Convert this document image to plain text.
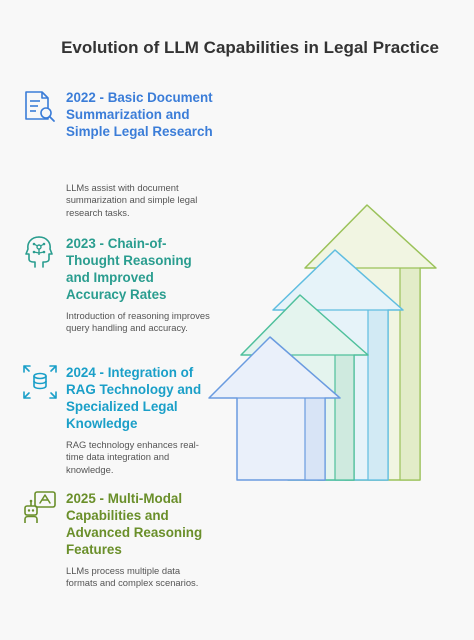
Evolution of LLM Capabilities in Legal Practice
2022 - Basic Document Summarization and Simple Legal Research

LLMs assist with document summarization and simple legal research tasks.

2023 - Chain-of-Thought Reasoning and Improved Accuracy Rates

Introduction of reasoning improves query handling and accuracy.

2024 - Integration of RAG Technology and Specialized Legal Knowledge

RAG technology enhances real-time data integration and knowledge.

2025 - Multi-Modal Capabilities and Advanced Reasoning Features

LLMs process multiple data formats and complex scenarios.
